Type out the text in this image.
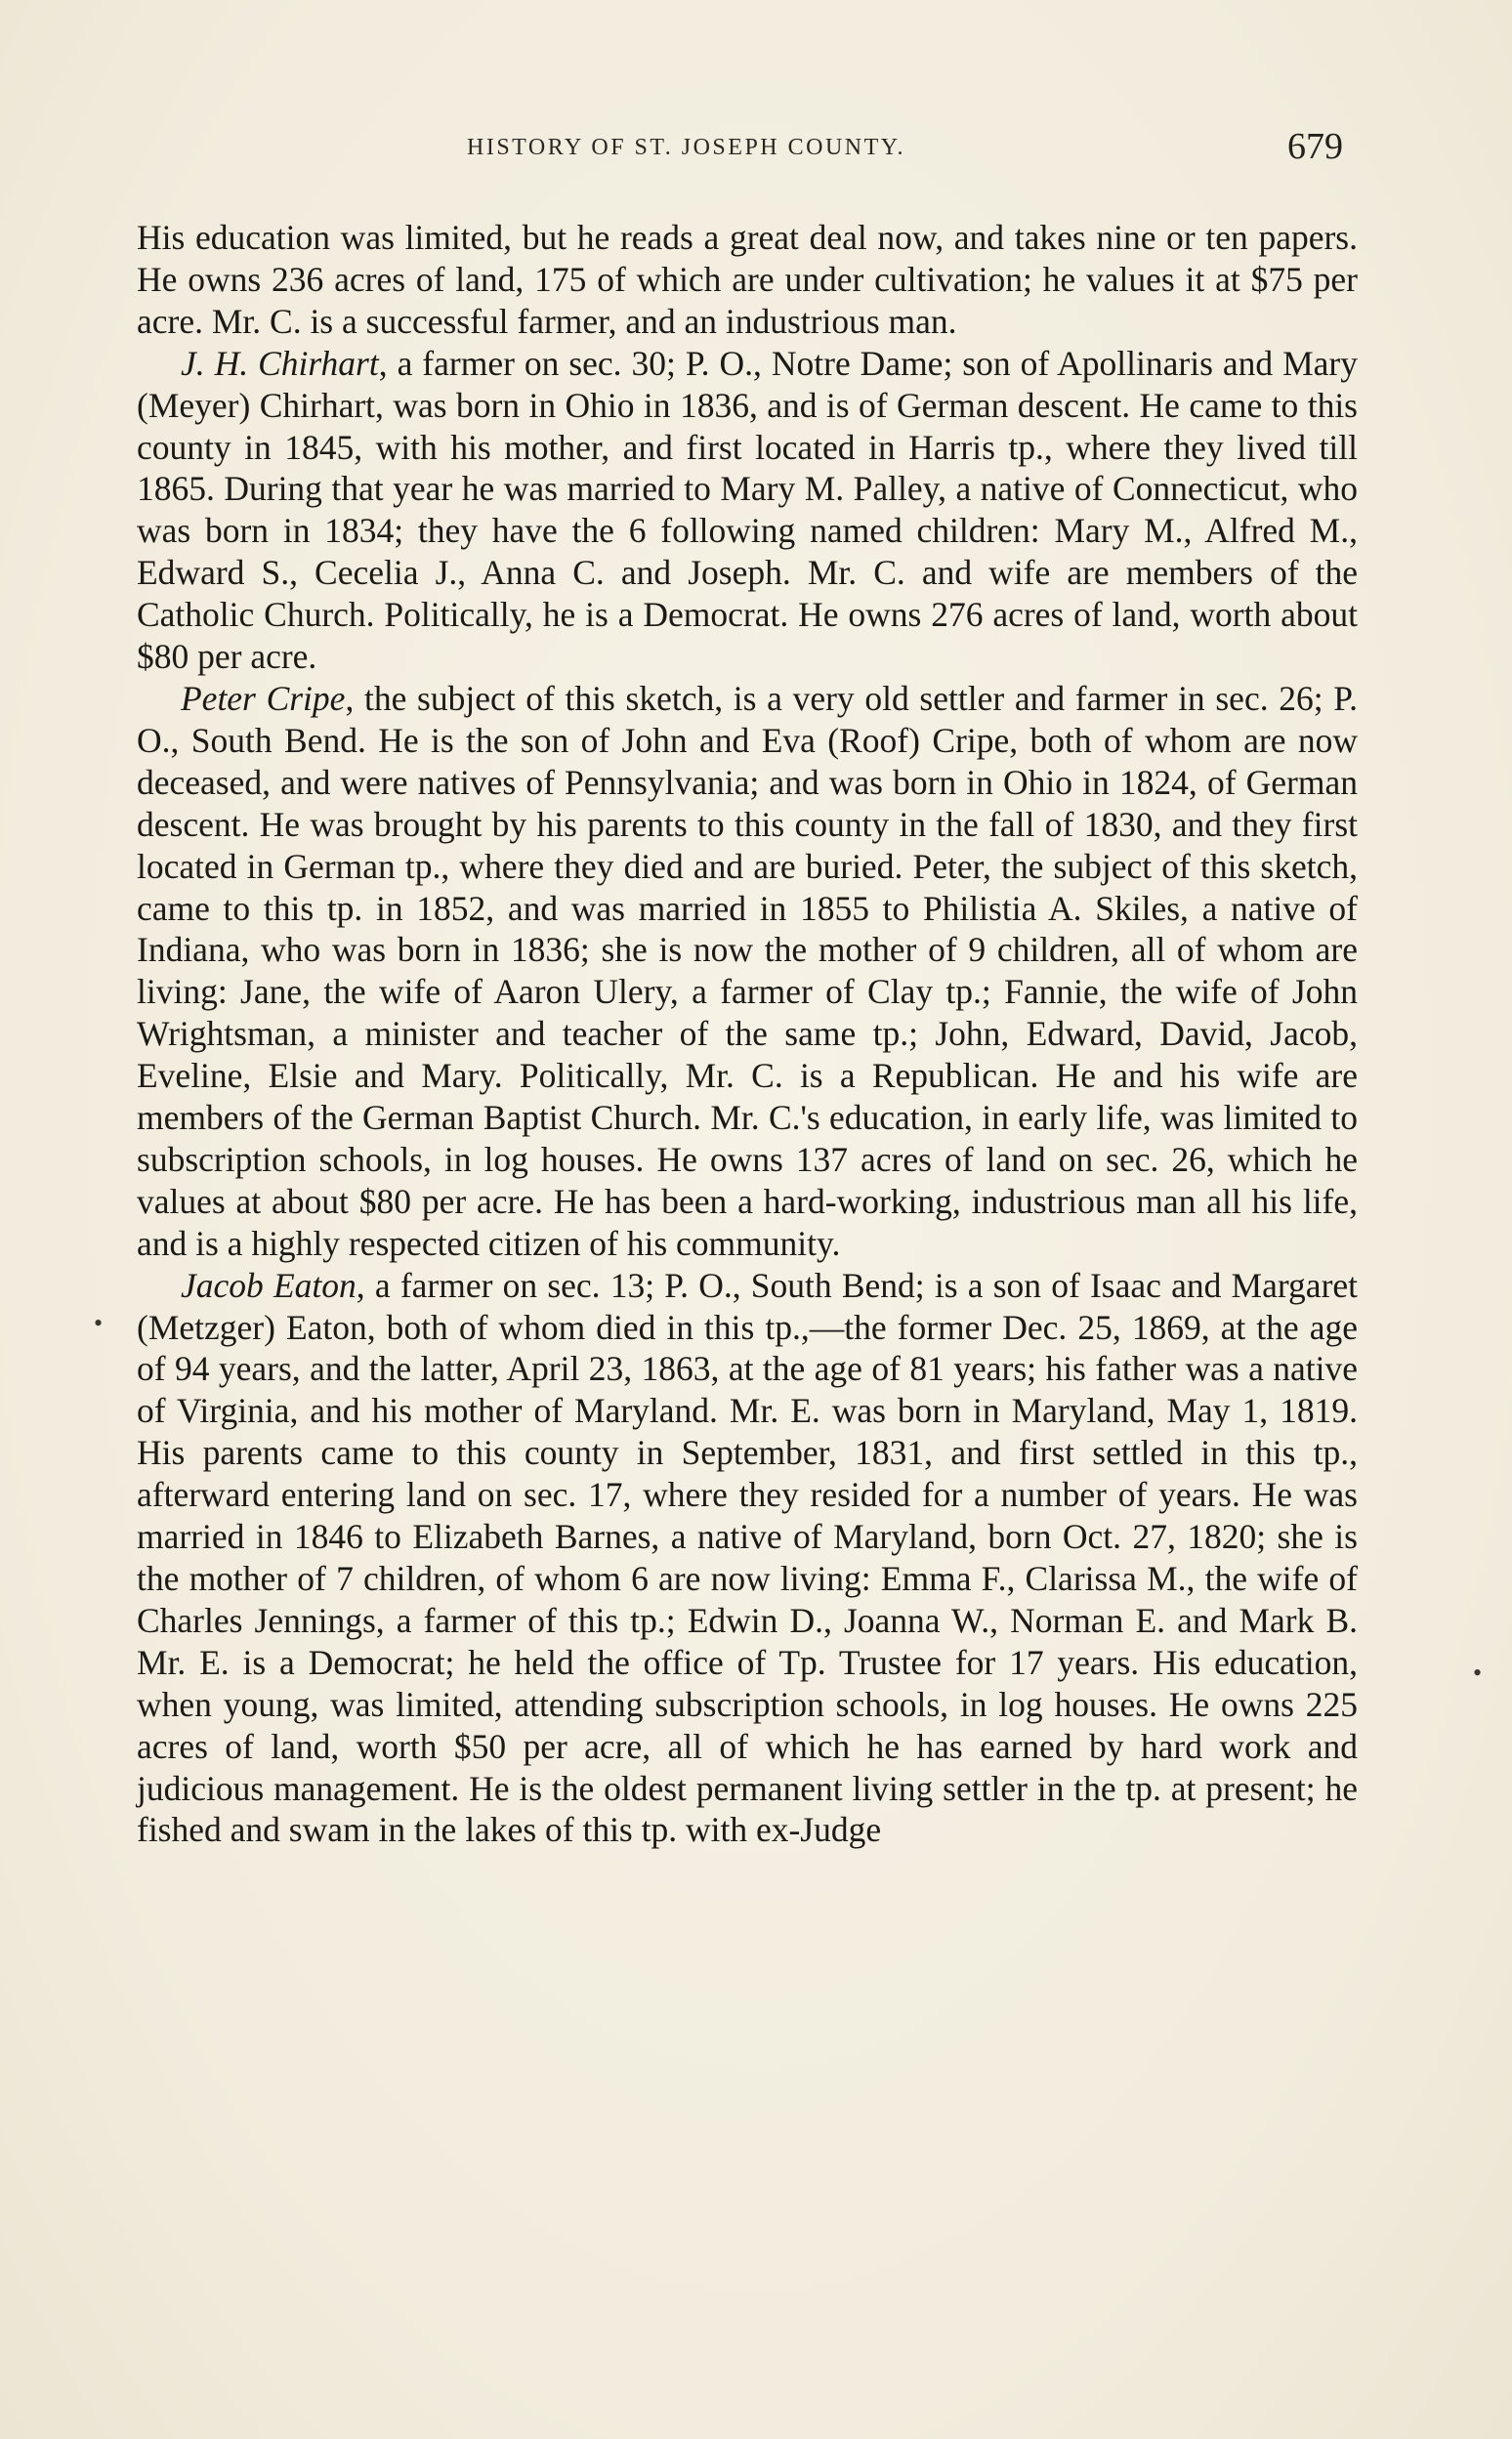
HISTORY OF ST. JOSEPH COUNTY.	679

His education was limited, but he reads a great deal now, and takes nine or ten papers. He owns 236 acres of land, 175 of which are under cultivation; he values it at $75 per acre. Mr. C. is a successful farmer, and an industrious man.

J. H. Chirhart, a farmer on sec. 30; P. O., Notre Dame; son of Apollinaris and Mary (Meyer) Chirhart, was born in Ohio in 1836, and is of German descent. He came to this county in 1845, with his mother, and first located in Harris tp., where they lived till 1865. During that year he was married to Mary M. Palley, a native of Connecticut, who was born in 1834; they have the 6 following named children: Mary M., Alfred M., Edward S., Cecelia J., Anna C. and Joseph. Mr. C. and wife are members of the Catholic Church. Politically, he is a Democrat. He owns 276 acres of land, worth about $80 per acre.

Peter Cripe, the subject of this sketch, is a very old settler and farmer in sec. 26; P. O., South Bend. He is the son of John and Eva (Roof) Cripe, both of whom are now deceased, and were natives of Pennsylvania; and was born in Ohio in 1824, of German descent. He was brought by his parents to this county in the fall of 1830, and they first located in German tp., where they died and are buried. Peter, the subject of this sketch, came to this tp. in 1852, and was married in 1855 to Philistia A. Skiles, a native of Indiana, who was born in 1836; she is now the mother of 9 children, all of whom are living: Jane, the wife of Aaron Ulery, a farmer of Clay tp.; Fannie, the wife of John Wrightsman, a minister and teacher of the same tp.; John, Edward, David, Jacob, Eveline, Elsie and Mary. Politically, Mr. C. is a Republican. He and his wife are members of the German Baptist Church. Mr. C.'s education, in early life, was limited to subscription schools, in log houses. He owns 137 acres of land on sec. 26, which he values at about $80 per acre. He has been a hard-working, industrious man all his life, and is a highly respected citizen of his community.

Jacob Eaton, a farmer on sec. 13; P. O., South Bend; is a son of Isaac and Margaret (Metzger) Eaton, both of whom died in this tp.,—the former Dec. 25, 1869, at the age of 94 years, and the latter, April 23, 1863, at the age of 81 years; his father was a native of Virginia, and his mother of Maryland. Mr. E. was born in Maryland, May 1, 1819. His parents came to this county in September, 1831, and first settled in this tp., afterward entering land on sec. 17, where they resided for a number of years. He was married in 1846 to Elizabeth Barnes, a native of Maryland, born Oct. 27, 1820; she is the mother of 7 children, of whom 6 are now living: Emma F., Clarissa M., the wife of Charles Jennings, a farmer of this tp.; Edwin D., Joanna W., Norman E. and Mark B. Mr. E. is a Democrat; he held the office of Tp. Trustee for 17 years. His education, when young, was limited, attending subscription schools, in log houses. He owns 225 acres of land, worth $50 per acre, all of which he has earned by hard work and judicious management. He is the oldest permanent living settler in the tp. at present; he fished and swam in the lakes of this tp. with ex-Judge

•
•
